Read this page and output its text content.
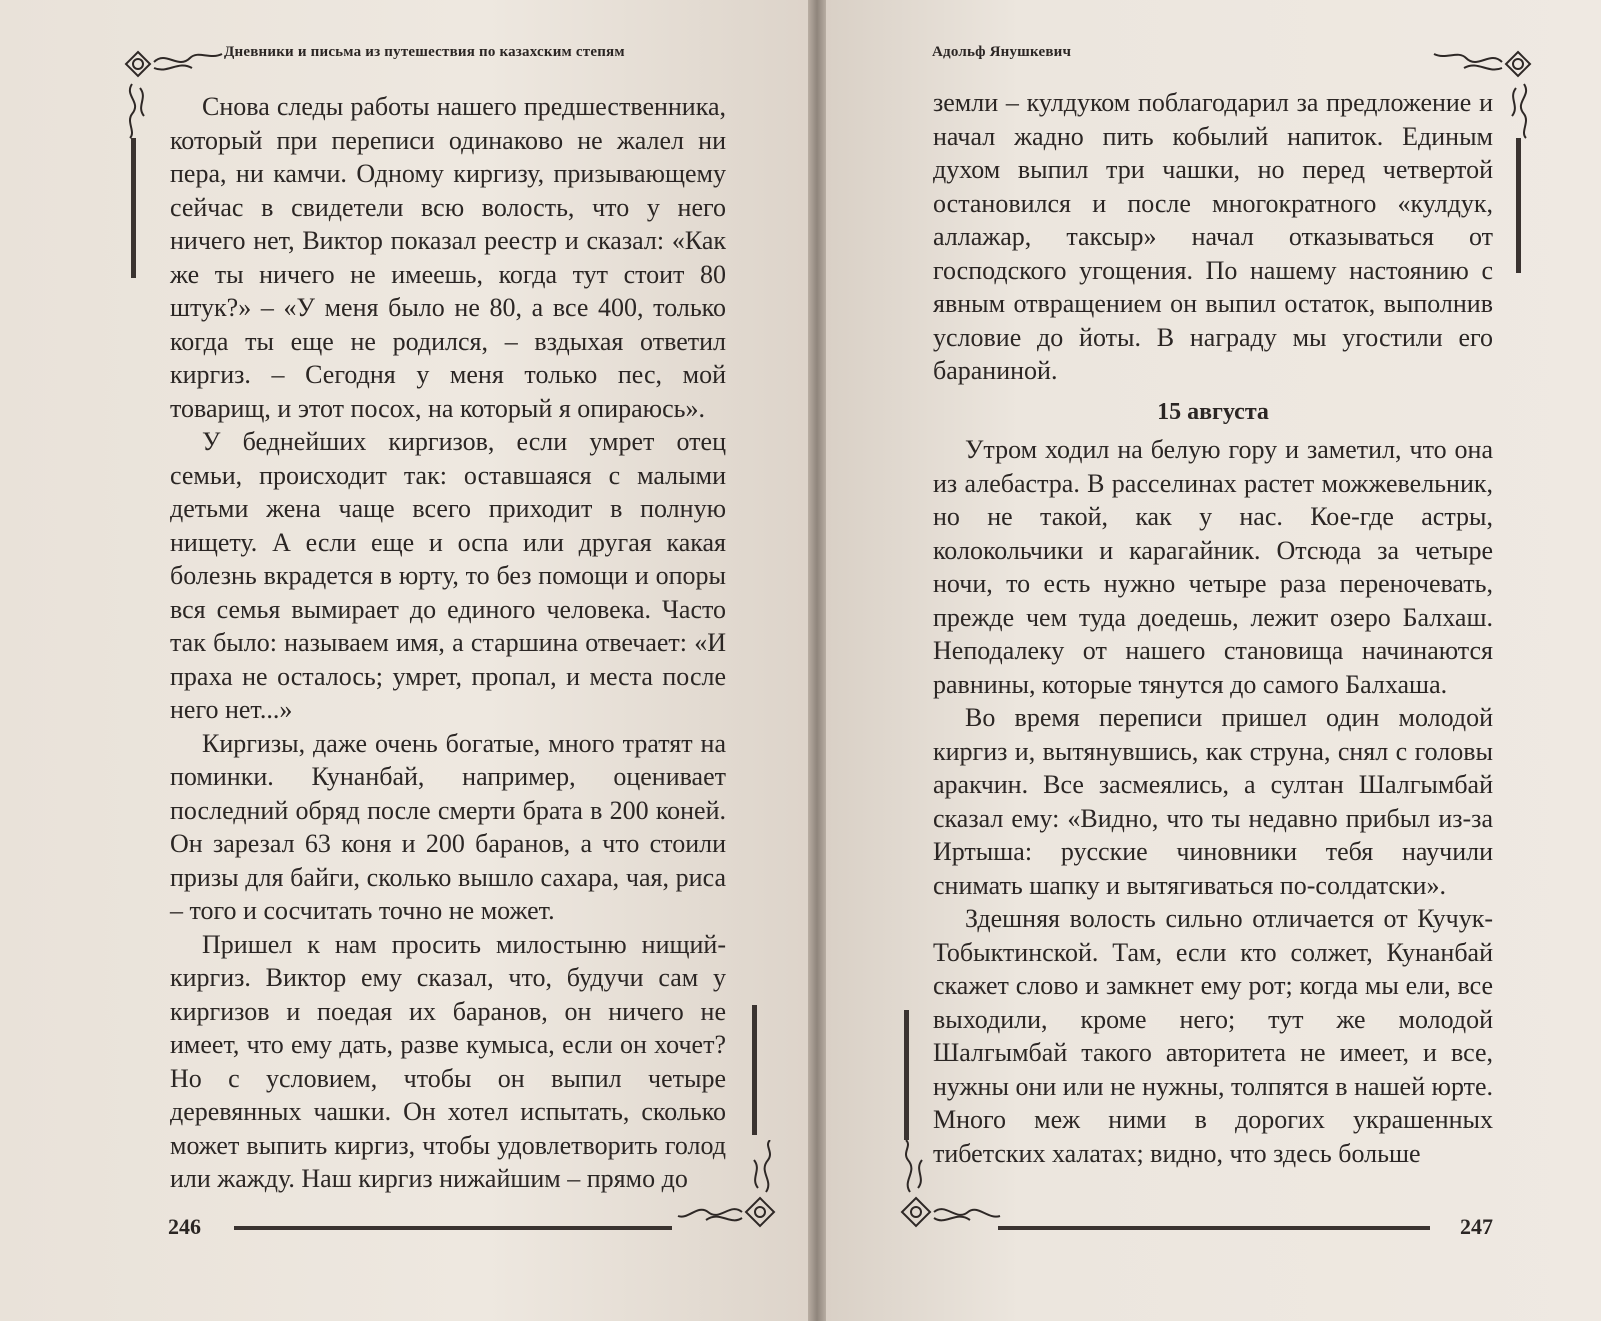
Дневники и письма из путешествия по казахским степям

Снова следы работы нашего предшественника, который при переписи одинаково не жалел ни пера, ни камчи. Одному киргизу, призывающему сейчас в свидетели всю волость, что у него ничего нет, Виктор показал реестр и сказал: «Как же ты ничего не имеешь, когда тут стоит 80 штук?» – «У меня было не 80, а все 400, только когда ты еще не родился, – вздыхая ответил киргиз. – Сегодня у меня только пес, мой товарищ, и этот посох, на который я опираюсь».

У беднейших киргизов, если умрет отец семьи, происходит так: оставшаяся с малыми детьми жена чаще всего приходит в полную нищету. А если еще и оспа или другая какая болезнь вкрадется в юрту, то без помощи и опоры вся семья вымирает до единого человека. Часто так было: называем имя, а старшина отвечает: «И праха не осталось; умрет, пропал, и места после него нет...»

Киргизы, даже очень богатые, много тратят на поминки. Кунанбай, например, оценивает последний обряд после смерти брата в 200 коней. Он зарезал 63 коня и 200 баранов, а что стоили призы для байги, сколько вышло сахара, чая, риса – того и сосчитать точно не может.

Пришел к нам просить милостыню нищий-киргиз. Виктор ему сказал, что, будучи сам у киргизов и поедая их баранов, он ничего не имеет, что ему дать, разве кумыса, если он хочет? Но с условием, чтобы он выпил четыре деревянных чашки. Он хотел испытать, сколько может выпить киргиз, чтобы удовлетворить голод или жажду. Наш киргиз нижайшим – прямо до

246
Адольф Янушкевич

земли – кулдуком поблагодарил за предложение и начал жадно пить кобылий напиток. Единым духом выпил три чашки, но перед четвертой остановился и после многократного «кулдук, аллажар, таксыр» начал отказываться от господского угощения. По нашему настоянию с явным отвращением он выпил остаток, выполнив условие до йоты. В награду мы угостили его бараниной.

15 августа

Утром ходил на белую гору и заметил, что она из алебастра. В расселинах растет можжевельник, но не такой, как у нас. Кое-где астры, колокольчики и карагайник. Отсюда за четыре ночи, то есть нужно четыре раза переночевать, прежде чем туда доедешь, лежит озеро Балхаш. Неподалеку от нашего становища начинаются равнины, которые тянутся до самого Балхаша.

Во время переписи пришел один молодой киргиз и, вытянувшись, как струна, снял с головы аракчин. Все засмеялись, а султан Шалгымбай сказал ему: «Видно, что ты недавно прибыл из-за Иртыша: русские чиновники тебя научили снимать шапку и вытягиваться по-солдатски».

Здешняя волость сильно отличается от Кучук-Тобыктинской. Там, если кто солжет, Кунанбай скажет слово и замкнет ему рот; когда мы ели, все выходили, кроме него; тут же молодой Шалгымбай такого авторитета не имеет, и все, нужны они или не нужны, толпятся в нашей юрте. Много меж ними в дорогих украшенных тибетских халатах; видно, что здесь больше

247
